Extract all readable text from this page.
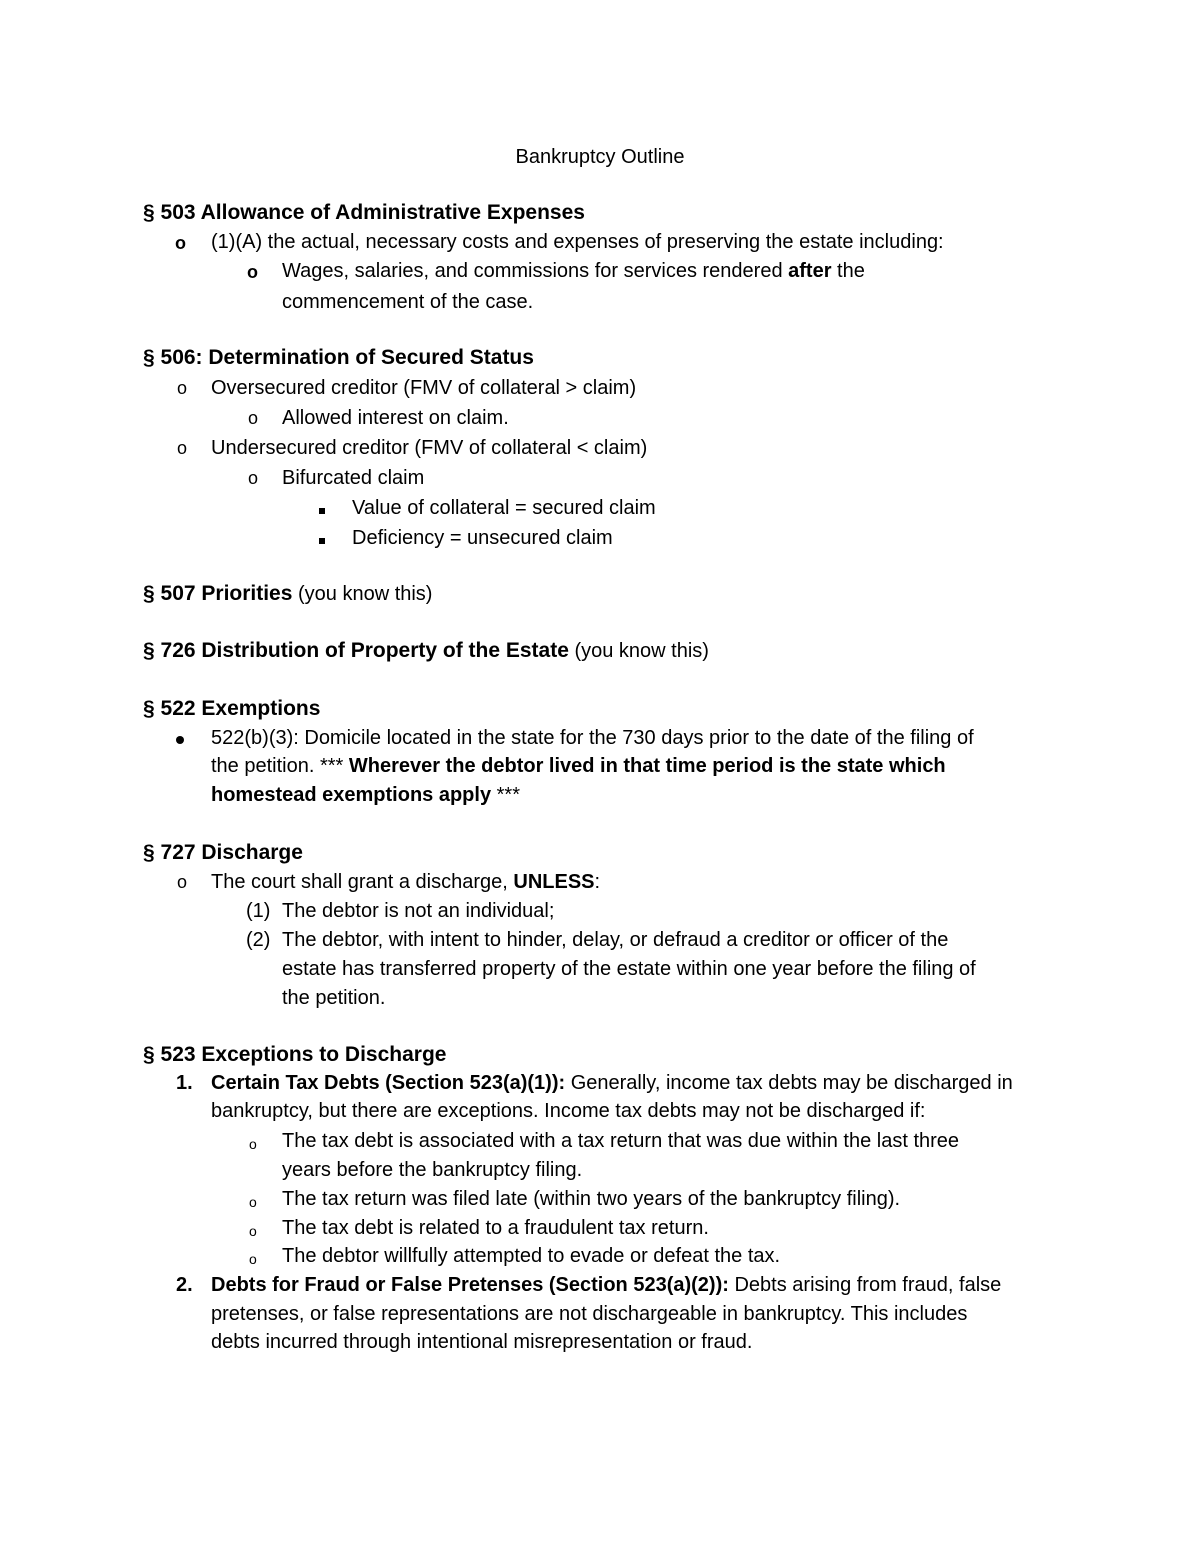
Bankruptcy Outline
§ 503 Allowance of Administrative Expenses
o (1)(A) the actual, necessary costs and expenses of preserving the estate including:
o Wages, salaries, and commissions for services rendered after the
commencement of the case.
§ 506: Determination of Secured Status
o Oversecured creditor (FMV of collateral > claim)
o Allowed interest on claim.
o Undersecured creditor (FMV of collateral < claim)
o Bifurcated claim
Value of collateral = secured claim
Deficiency = unsecured claim
§ 507 Priorities (you know this)
§ 726 Distribution of Property of the Estate (you know this)
§ 522 Exemptions
522(b)(3): Domicile located in the state for the 730 days prior to the date of the filing of
the petition. *** Wherever the debtor lived in that time period is the state which
homestead exemptions apply ***
§ 727 Discharge
o The court shall grant a discharge, UNLESS:
(1) The debtor is not an individual;
(2) The debtor, with intent to hinder, delay, or defraud a creditor or officer of the
estate has transferred property of the estate within one year before the filing of
the petition.
§ 523 Exceptions to Discharge
1. Certain Tax Debts (Section 523(a)(1)): Generally, income tax debts may be discharged in
bankruptcy, but there are exceptions. Income tax debts may not be discharged if:
o The tax debt is associated with a tax return that was due within the last three
years before the bankruptcy filing.
o The tax return was filed late (within two years of the bankruptcy filing).
o The tax debt is related to a fraudulent tax return.
o The debtor willfully attempted to evade or defeat the tax.
2. Debts for Fraud or False Pretenses (Section 523(a)(2)): Debts arising from fraud, false
pretenses, or false representations are not dischargeable in bankruptcy. This includes
debts incurred through intentional misrepresentation or fraud.
